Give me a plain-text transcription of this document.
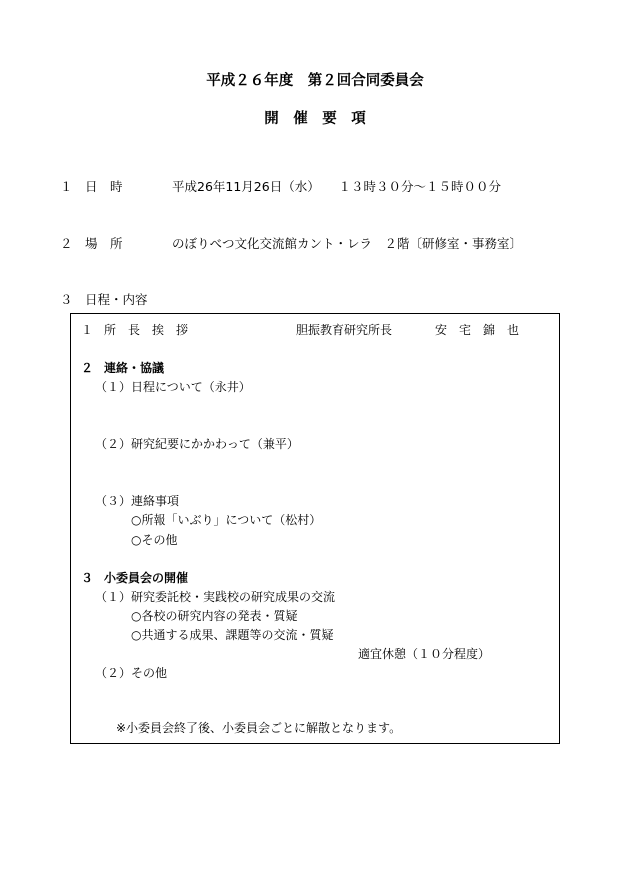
平成２６年度　第２回合同委員会
開　催　要　項
１ 日　時	平成26年11月26日（水）　　１３時３０分～１５時００分
２ 場　所	のぼりべつ文化交流館カント・レラ　２階〔研修室・事務室〕
３ 日程・内容
１ 所　長　挨　拶	胆振教育研究所長	安　宅　錦　也
２ 連絡・協議
（１）日程について（永井）
（２）研究紀要にかかわって（兼平）
（３）連絡事項
○所報「いぶり」について（松村）
○その他
３ 小委員会の開催
（１）研究委託校・実践校の研究成果の交流
○各校の研究内容の発表・質疑
○共通する成果、課題等の交流・質疑
適宜休憩（１０分程度）
（２）その他
※小委員会終了後、小委員会ごとに解散となります。
